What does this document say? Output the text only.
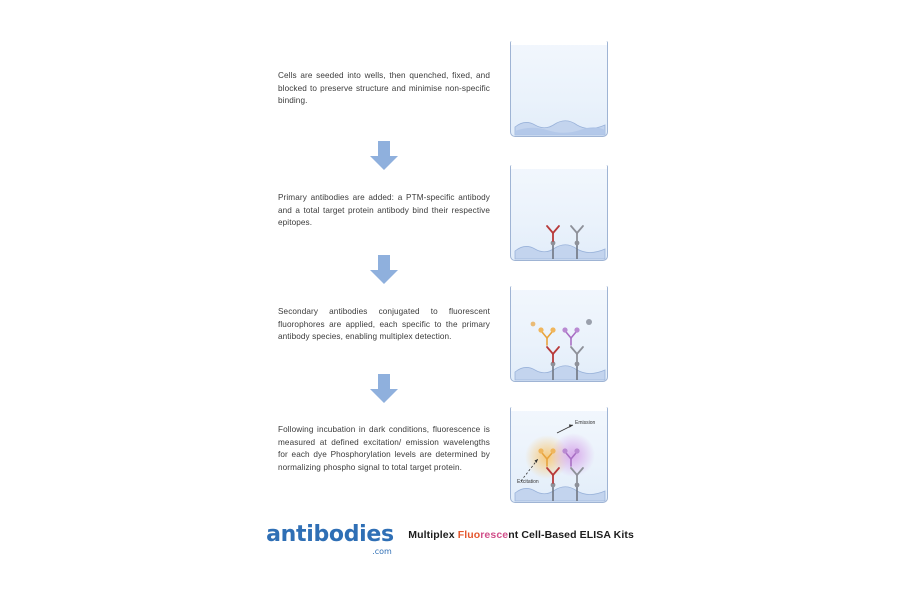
Cells are seeded into wells, then quenched, fixed, and blocked to preserve structure and minimise non-specific binding.
Primary antibodies are added: a PTM-specific antibody and a total target protein antibody bind their respective epitopes.
Secondary antibodies conjugated to fluorescent fluorophores are applied, each specific to the primary antibody species, enabling multiplex detection.
Following incubation in dark conditions, fluorescence is measured at defined excitation/ emission wavelengths for each dye Phosphorylation levels are determined by normalizing phospho signal to total target protein.
Emission
Excitation
antibodies
.com
Multiplex Fluorescent Cell-Based ELISA Kits
